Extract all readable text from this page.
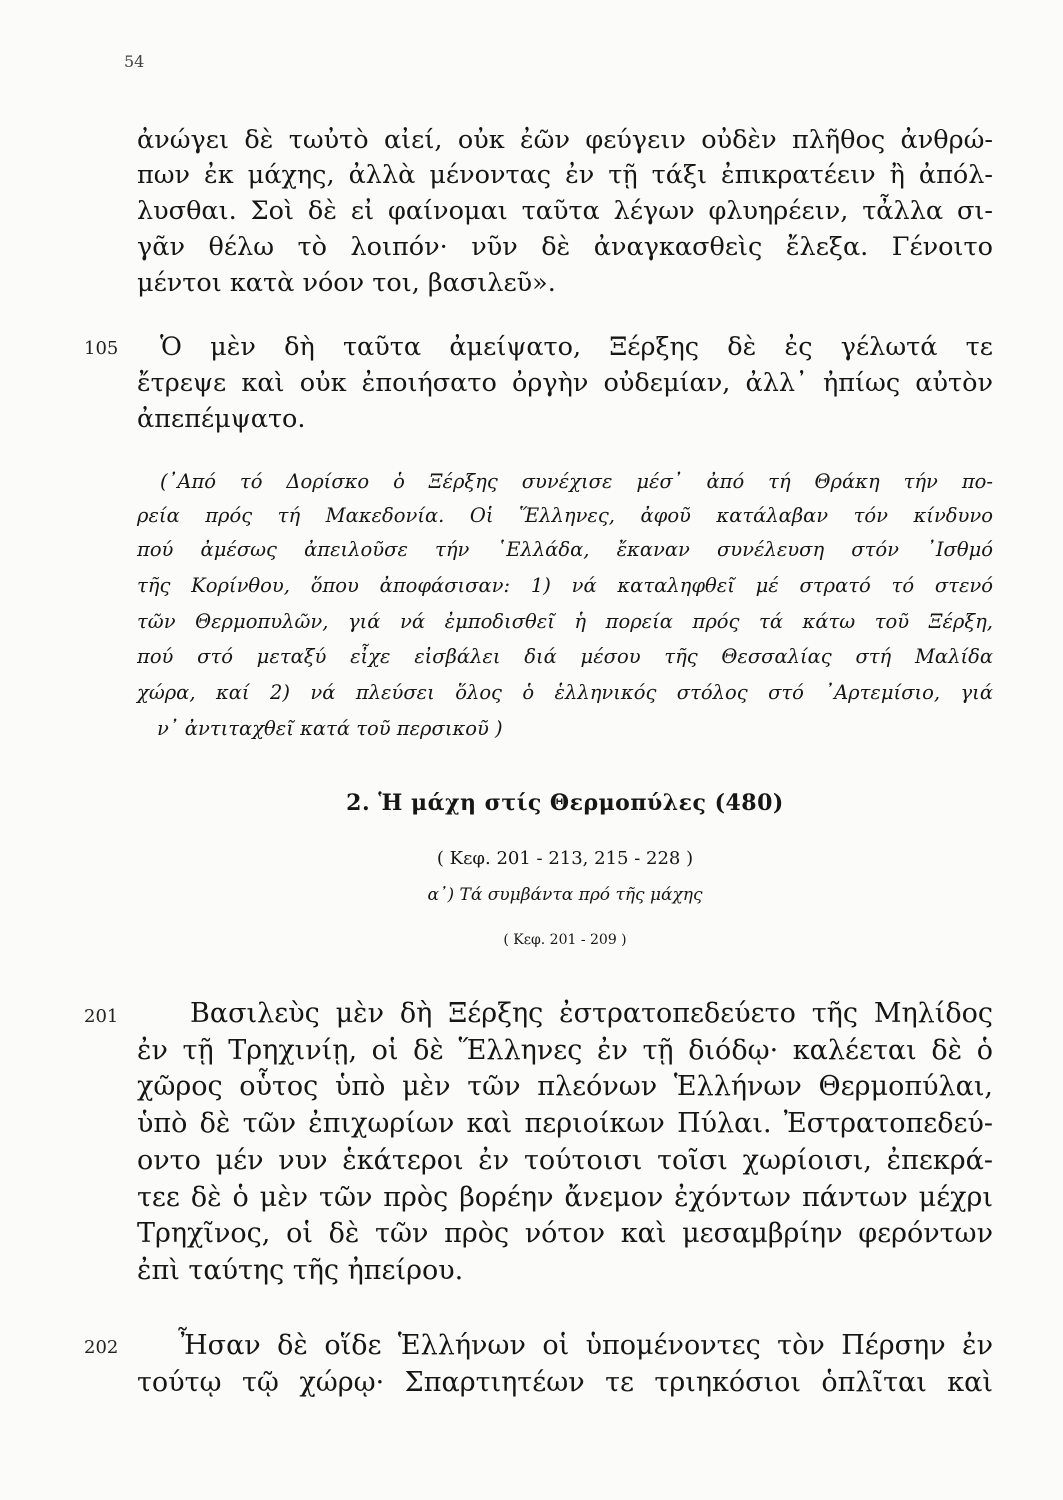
54
ἀνώγει δὲ τωὐτὸ αἰεί, οὐκ ἐῶν φεύγειν οὐδὲν πλῆθος ἀνθρώ-
πων ἐκ μάχης, ἀλλὰ μένοντας ἐν τῇ τάξι ἐπικρατέειν ἢ ἀπόλ-
λυσθαι. Σοὶ δὲ εἰ φαίνομαι ταῦτα λέγων φλυηρέειν, τἆλλα σι-
γᾶν θέλω τὸ λοιπόν· νῦν δὲ ἀναγκασθεὶς ἔλεξα. Γένοιτο
μέντοι κατὰ νόον τοι, βασιλεῦ».
105 Ὁ μὲν δὴ ταῦτα ἀμείψατο, Ξέρξης δὲ ἐς γέλωτά τε
ἔτρεψε καὶ οὐκ ἐποιήσατο ὀργὴν οὐδεμίαν, ἀλλ᾽ ἠπίως αὐτὸν
ἀπεπέμψατο.
(᾿Από τό Δορίσκο ὁ Ξέρξης συνέχισε μέσ᾿ ἀπό τή Θράκη τήν πο-
ρεία πρός τή Μακεδονία. Οἱ Ἕλληνες, ἀφοῦ κατάλαβαν τόν κίνδυνο
πού ἀμέσως ἀπειλοῦσε τήν ῾Ελλάδα, ἔκαναν συνέλευση στόν ᾿Ισθμό
τῆς Κορίνθου, ὅπου ἀποφάσισαν: 1) νά καταληφθεῖ μέ στρατό τό στενό
τῶν Θερμοπυλῶν, γιά νά ἐμποδισθεῖ ἡ πορεία πρός τά κάτω τοῦ Ξέρξη,
πού στό μεταξύ εἶχε εἰσβάλει διά μέσου τῆς Θεσσαλίας στή Μαλίδα
χώρα, καί 2) νά πλεύσει ὅλος ὁ ἑλληνικός στόλος στό ᾿Αρτεμίσιο, γιά
ν᾿ ἀντιταχθεῖ κατά τοῦ περσικοῦ )
2. Ἡ μάχη στίς Θερμοπύλες (480)
( Κεφ. 201 - 213, 215 - 228 )
α᾿) Τά συμβάντα πρό τῆς μάχης
( Κεφ. 201 - 209 )
201	Βασιλεὺς μὲν δὴ Ξέρξης ἐστρατοπεδεύετο τῆς Μηλίδος
ἐν τῇ Τρηχινίῃ, οἱ δὲ Ἕλληνες ἐν τῇ διόδῳ· καλέεται δὲ ὁ
χῶρος οὗτος ὑπὸ μὲν τῶν πλεόνων Ἑλλήνων Θερμοπύλαι,
ὑπὸ δὲ τῶν ἐπιχωρίων καὶ περιοίκων Πύλαι. Ἐστρατοπεδεύ-
οντο μέν νυν ἑκάτεροι ἐν τούτοισι τοῖσι χωρίοισι, ἐπεκρά-
τεε δὲ ὁ μὲν τῶν πρὸς βορέην ἄνεμον ἐχόντων πάντων μέχρι
Τρηχῖνος, οἱ δὲ τῶν πρὸς νότον καὶ μεσαμβρίην φερόντων
ἐπὶ ταύτης τῆς ἠπείρου.
202 Ἦσαν δὲ οἵδε Ἑλλήνων οἱ ὑπομένοντες τὸν Πέρσην ἐν
τούτῳ τῷ χώρῳ· Σπαρτιητέων τε τριηκόσιοι ὁπλῖται καὶ
